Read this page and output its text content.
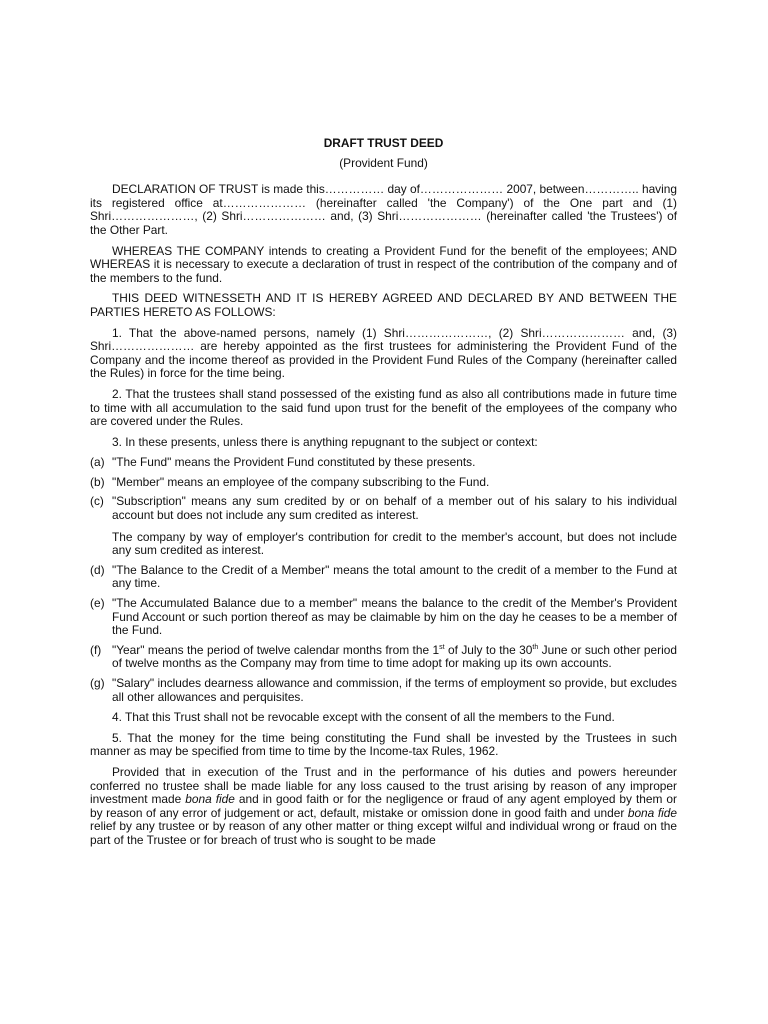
DRAFT TRUST DEED
(Provident Fund)

DECLARATION OF TRUST is made this…………… day of………………… 2007, between………….. having its registered office at………………… (hereinafter called 'the Company') of the One part and (1) Shri…………………, (2) Shri………………… and, (3) Shri………………… (hereinafter called 'the Trustees') of the Other Part.

WHEREAS THE COMPANY intends to creating a Provident Fund for the benefit of the employees; AND WHEREAS it is necessary to execute a declaration of trust in respect of the contribution of the company and of the members to the fund.

THIS DEED WITNESSETH AND IT IS HEREBY AGREED AND DECLARED BY AND BETWEEN THE PARTIES HERETO AS FOLLOWS:

1. That the above-named persons, namely (1) Shri…………………, (2) Shri………………… and, (3) Shri………………… are hereby appointed as the first trustees for administering the Provident Fund of the Company and the income thereof as provided in the Provident Fund Rules of the Company (hereinafter called the Rules) in force for the time being.

2. That the trustees shall stand possessed of the existing fund as also all contributions made in future time to time with all accumulation to the said fund upon trust for the benefit of the employees of the company who are covered under the Rules.

3. In these presents, unless there is anything repugnant to the subject or context:

(a) "The Fund" means the Provident Fund constituted by these presents.
(b) "Member" means an employee of the company subscribing to the Fund.
(c) "Subscription" means any sum credited by or on behalf of a member out of his salary to his individual account but does not include any sum credited as interest.
The company by way of employer's contribution for credit to the member's account, but does not include any sum credited as interest.
(d) "The Balance to the Credit of a Member" means the total amount to the credit of a member to the Fund at any time.
(e) "The Accumulated Balance due to a member" means the balance to the credit of the Member's Provident Fund Account or such portion thereof as may be claimable by him on the day he ceases to be a member of the Fund.
(f) "Year" means the period of twelve calendar months from the 1st of July to the 30th June or such other period of twelve months as the Company may from time to time adopt for making up its own accounts.
(g) "Salary" includes dearness allowance and commission, if the terms of employment so provide, but excludes all other allowances and perquisites.

4. That this Trust shall not be revocable except with the consent of all the members to the Fund.

5. That the money for the time being constituting the Fund shall be invested by the Trustees in such manner as may be specified from time to time by the Income-tax Rules, 1962.

Provided that in execution of the Trust and in the performance of his duties and powers hereunder conferred no trustee shall be made liable for any loss caused to the trust arising by reason of any improper investment made bona fide and in good faith or for the negligence or fraud of any agent employed by them or by reason of any error of judgement or act, default, mistake or omission done in good faith and under bona fide relief by any trustee or by reason of any other matter or thing except wilful and individual wrong or fraud on the part of the Trustee or for breach of trust who is sought to be made
